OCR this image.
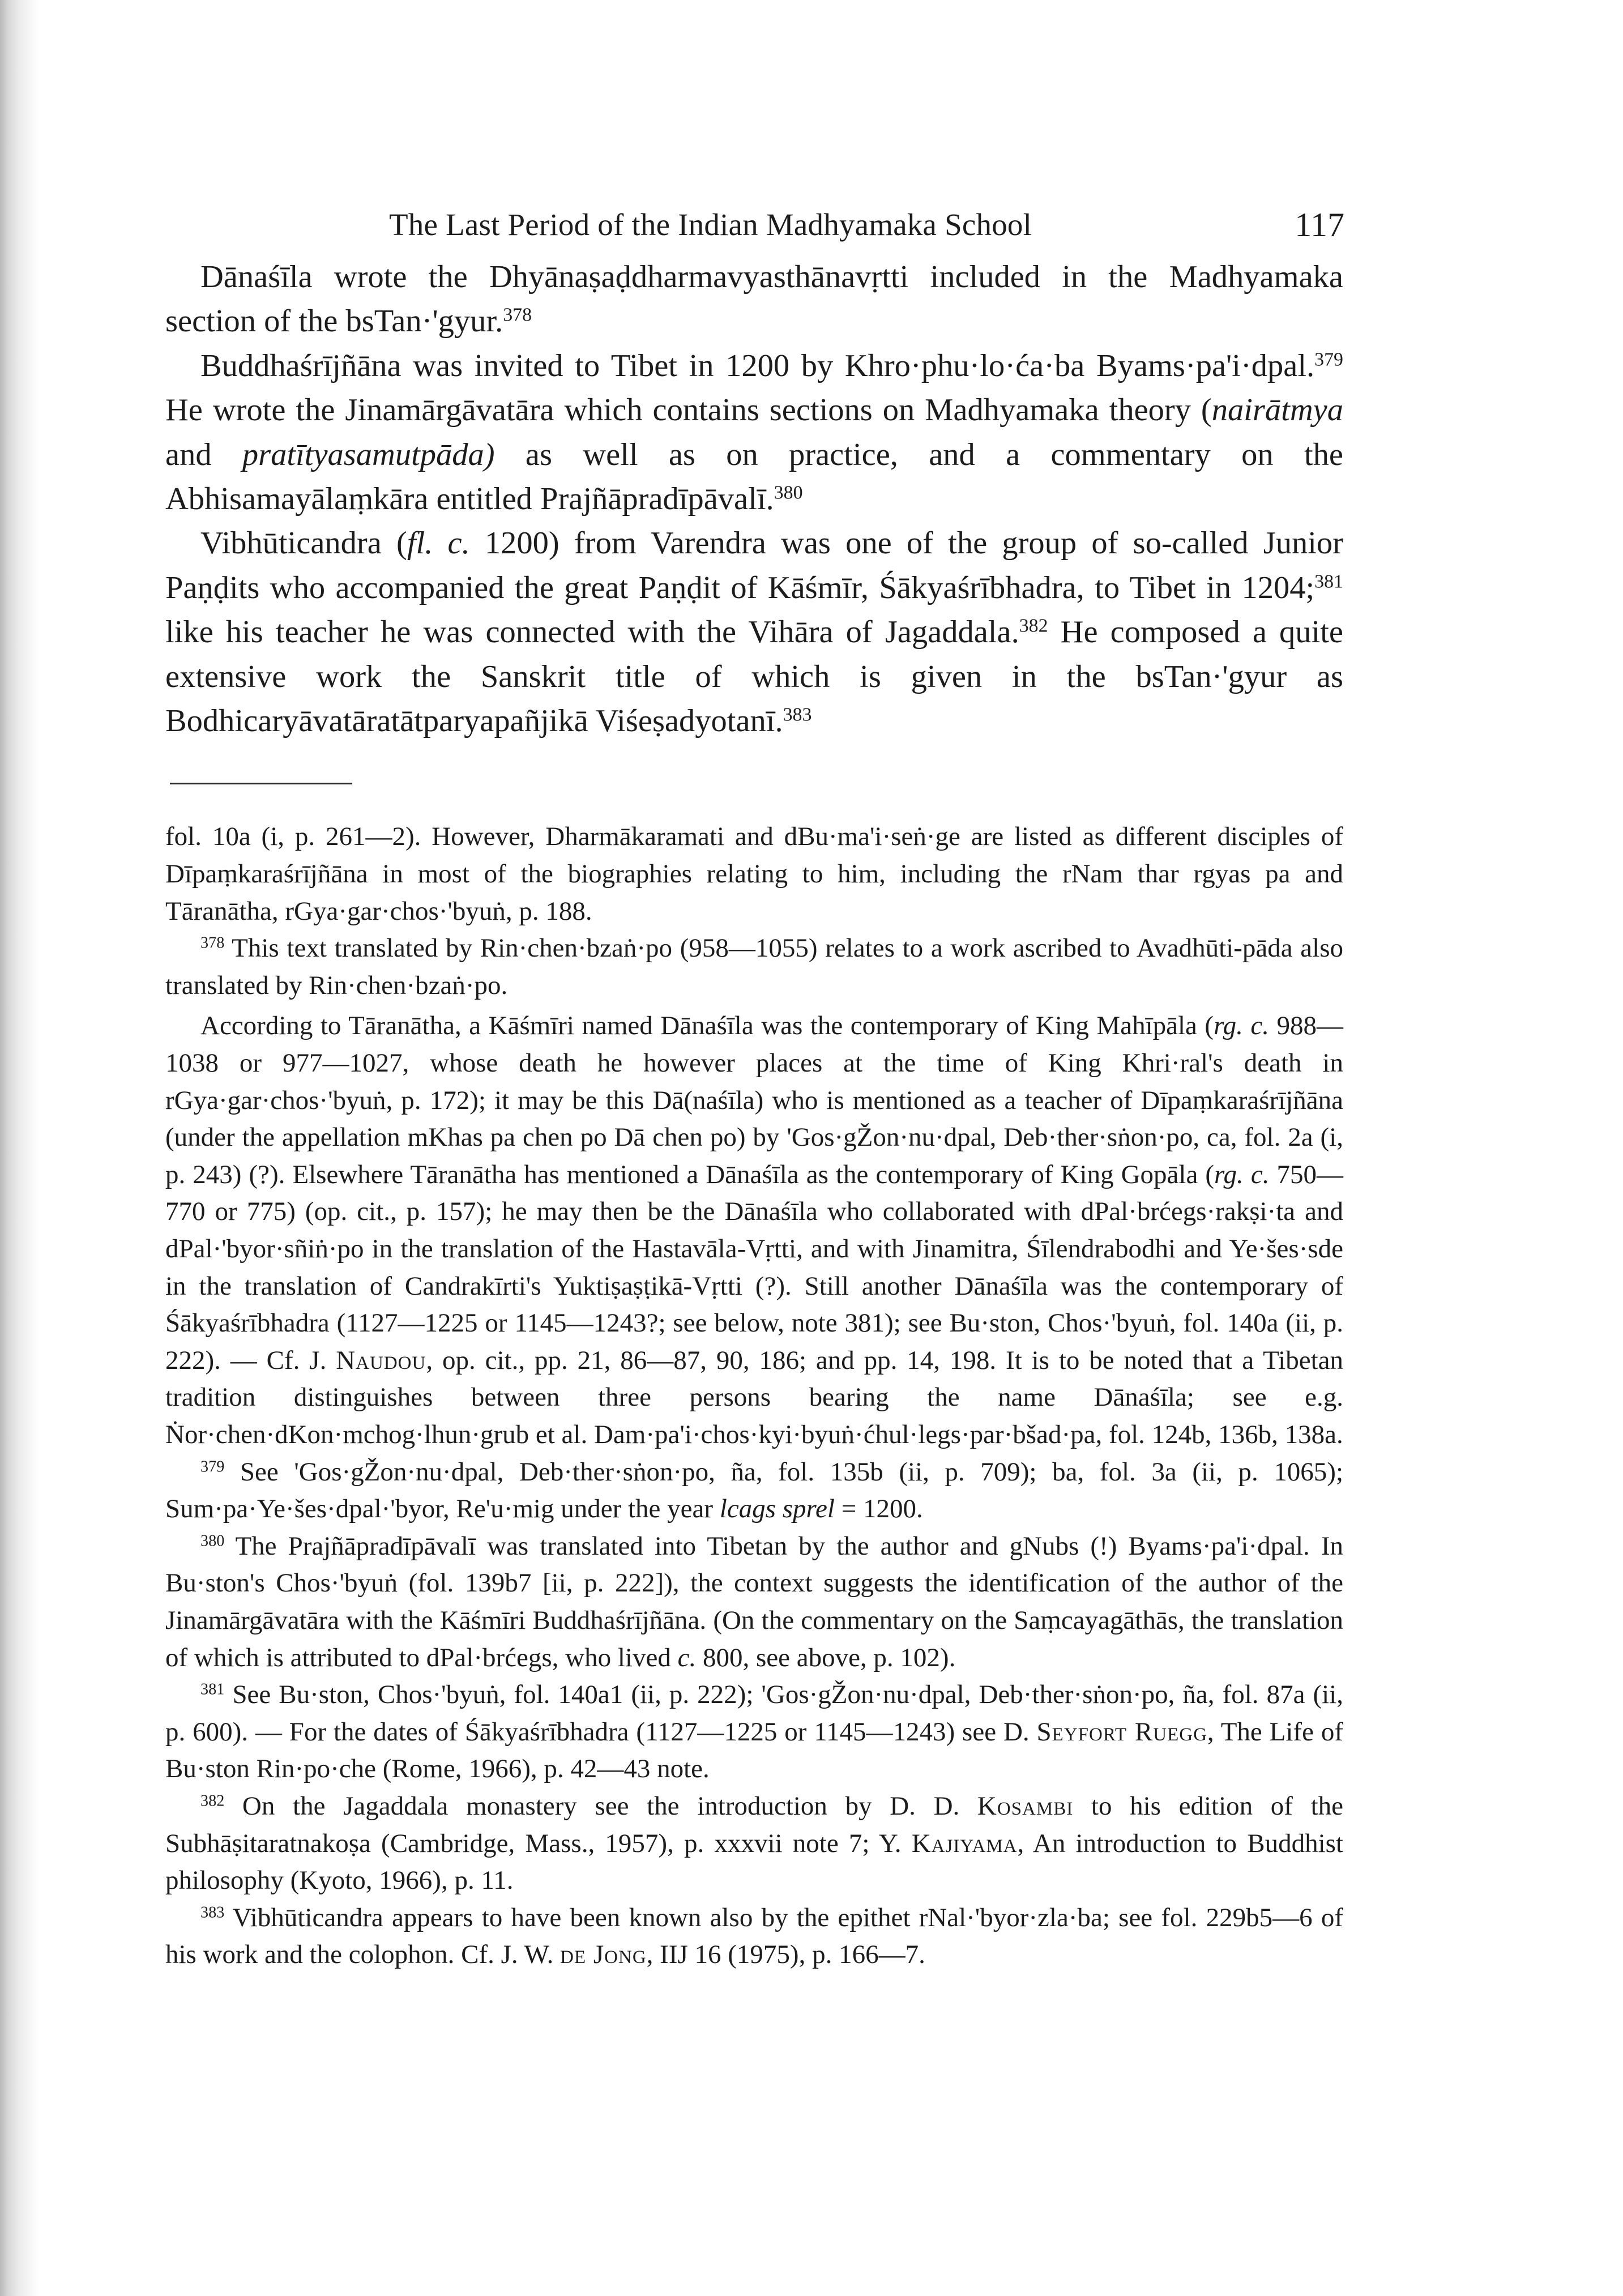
The Last Period of the Indian Madhyamaka School	117

Dānaśīla wrote the Dhyānaṣaḍdharmavyasthānavṛtti included in the Madhyamaka section of the bsTan·'gyur.$^{378}$

Buddhaśrījñāna was invited to Tibet in 1200 by Khro·phu·lo·ća·ba Byams·pa'i·dpal.$^{379}$ He wrote the Jinamārgāvatāra which contains sections on Madhyamaka theory (nairātmya and pratītyasamutpāda) as well as on practice, and a commentary on the Abhisamayālaṃkāra entitled Prajñāpradīpāvalī.$^{380}$

Vibhūticandra (fl. c. 1200) from Varendra was one of the group of so-called Junior Paṇḍits who accompanied the great Paṇḍit of Kāśmīr, Śākyaśrībhadra, to Tibet in 1204;$^{381}$ like his teacher he was connected with the Vihāra of Jagaddala.$^{382}$ He composed a quite extensive work the Sanskrit title of which is given in the bsTan·'gyur as Bodhicaryāvatāratātparyapañjikā Viśeṣadyotanī.$^{383}$

fol. 10a (i, p. 261—2). However, Dharmākaramati and dBu·ma'i·seṅ·ge are listed as different disciples of Dīpaṃkaraśrījñāna in most of the biographies relating to him, including the rNam thar rgyas pa and Tāranātha, rGya·gar·chos·'byuṅ, p. 188.

$^{378}$ This text translated by Rin·chen·bzaṅ·po (958—1055) relates to a work ascribed to Avadhūti-pāda also translated by Rin·chen·bzaṅ·po.

According to Tāranātha, a Kāśmīri named Dānaśīla was the contemporary of King Mahīpāla (rg. c. 988—1038 or 977—1027, whose death he however places at the time of King Khri·ral's death in rGya·gar·chos·'byuṅ, p. 172); it may be this Dā(naśīla) who is mentioned as a teacher of Dīpaṃkaraśrījñāna (under the appellation mKhas pa chen po Dā chen po) by 'Gos·gŽon·nu·dpal, Deb·ther·sṅon·po, ca, fol. 2a (i, p. 243) (?). Elsewhere Tāranātha has mentioned a Dānaśīla as the contemporary of King Gopāla (rg. c. 750—770 or 775) (op. cit., p. 157); he may then be the Dānaśīla who collaborated with dPal·brćegs·rakṣi·ta and dPal·'byor·sñiṅ·po in the translation of the Hastavāla-Vṛtti, and with Jinamitra, Śīlendrabodhi and Ye·šes·sde in the translation of Candrakīrti's Yuktiṣaṣṭikā-Vṛtti (?). Still another Dānaśīla was the contemporary of Śākyaśrībhadra (1127—1225 or 1145—1243?; see below, note 381); see Bu·ston, Chos·'byuṅ, fol. 140a (ii, p. 222). — Cf. J. Naudou, op. cit., pp. 21, 86—87, 90, 186; and pp. 14, 198. It is to be noted that a Tibetan tradition distinguishes between three persons bearing the name Dānaśīla; see e.g. Ṅor·chen·dKon·mchog·lhun·grub et al. Dam·pa'i·chos·kyi·byuṅ·ćhul·legs·par·bšad·pa, fol. 124b, 136b, 138a.

$^{379}$ See 'Gos·gŽon·nu·dpal, Deb·ther·sṅon·po, ña, fol. 135b (ii, p. 709); ba, fol. 3a (ii, p. 1065); Sum·pa·Ye·šes·dpal·'byor, Re'u·mig under the year lcags sprel = 1200.

$^{380}$ The Prajñāpradīpāvalī was translated into Tibetan by the author and gNubs (!) Byams·pa'i·dpal. In Bu·ston's Chos·'byuṅ (fol. 139b7 [ii, p. 222]), the context suggests the identification of the author of the Jinamārgāvatāra with the Kāśmīri Buddhaśrījñāna. (On the commentary on the Saṃcayagāthās, the translation of which is attributed to dPal·brćegs, who lived c. 800, see above, p. 102).

$^{381}$ See Bu·ston, Chos·'byuṅ, fol. 140a1 (ii, p. 222); 'Gos·gŽon·nu·dpal, Deb·ther·sṅon·po, ña, fol. 87a (ii, p. 600). — For the dates of Śākyaśrībhadra (1127—1225 or 1145—1243) see D. Seyfort Ruegg, The Life of Bu·ston Rin·po·che (Rome, 1966), p. 42—43 note.

$^{382}$ On the Jagaddala monastery see the introduction by D. D. Kosambi to his edition of the Subhāṣitaratnakoṣa (Cambridge, Mass., 1957), p. xxxvii note 7; Y. Kajiyama, An introduction to Buddhist philosophy (Kyoto, 1966), p. 11.

$^{383}$ Vibhūticandra appears to have been known also by the epithet rNal·'byor·zla·ba; see fol. 229b5—6 of his work and the colophon. Cf. J. W. de Jong, IIJ 16 (1975), p. 166—7.
